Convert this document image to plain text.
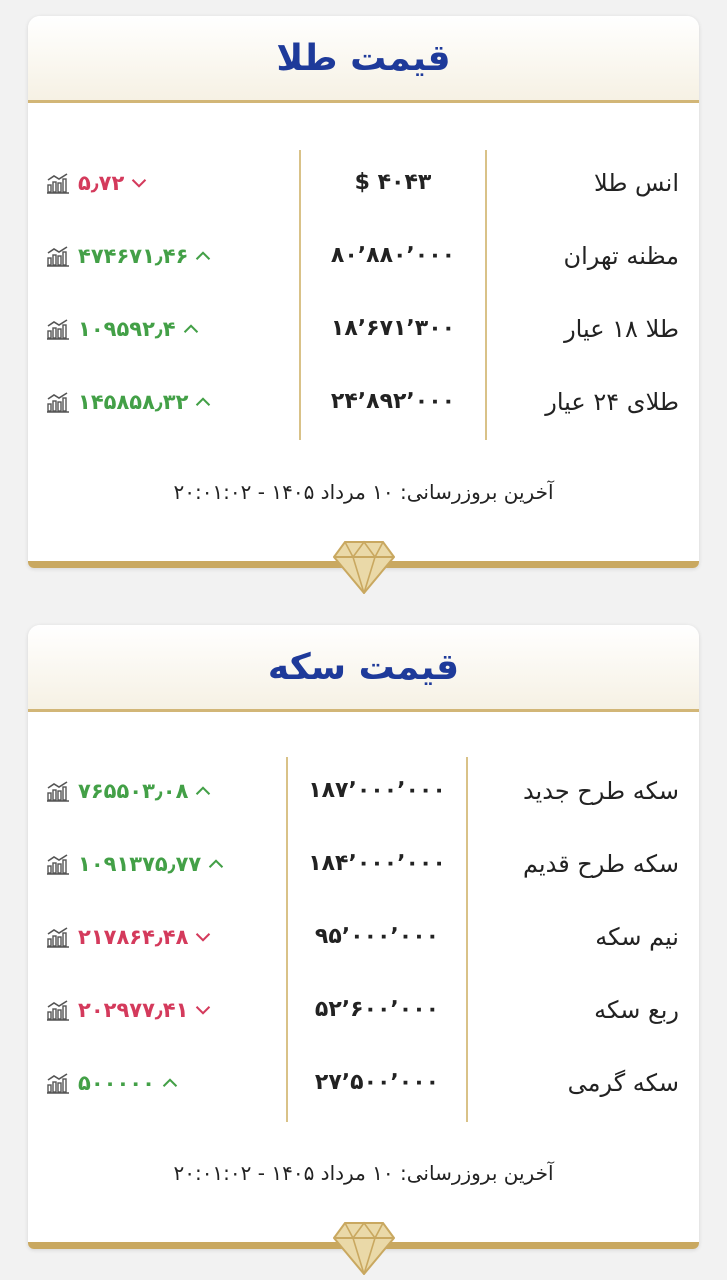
قیمت طلا
انس طلا
$ ۴۰۴۳
۵٫۷۲
مظنه تهران
۸۰٬۸۸۰٬۰۰۰
۴۷۴۶۷۱٫۴۶
طلا ۱۸ عیار
۱۸٬۶۷۱٬۳۰۰
۱۰۹۵۹۲٫۴
طلای ۲۴ عیار
۲۴٬۸۹۲٬۰۰۰
۱۴۵۸۵۸٫۳۲
آخرین بروزرسانی: ۱۰ مرداد ۱۴۰۵ - ۲۰:۰۱:۰۲
قیمت سکه
سکه طرح جدید
۱۸۷٬۰۰۰٬۰۰۰
۷۶۵۵۰۳٫۰۸
سکه طرح قدیم
۱۸۴٬۰۰۰٬۰۰۰
۱۰۹۱۳۷۵٫۷۷
نیم سکه
۹۵٬۰۰۰٬۰۰۰
۲۱۷۸۶۴٫۴۸
ربع سکه
۵۲٬۶۰۰٬۰۰۰
۲۰۲۹۷۷٫۴۱
سکه گرمی
۲۷٬۵۰۰٬۰۰۰
۵۰۰۰۰۰
آخرین بروزرسانی: ۱۰ مرداد ۱۴۰۵ - ۲۰:۰۱:۰۲
